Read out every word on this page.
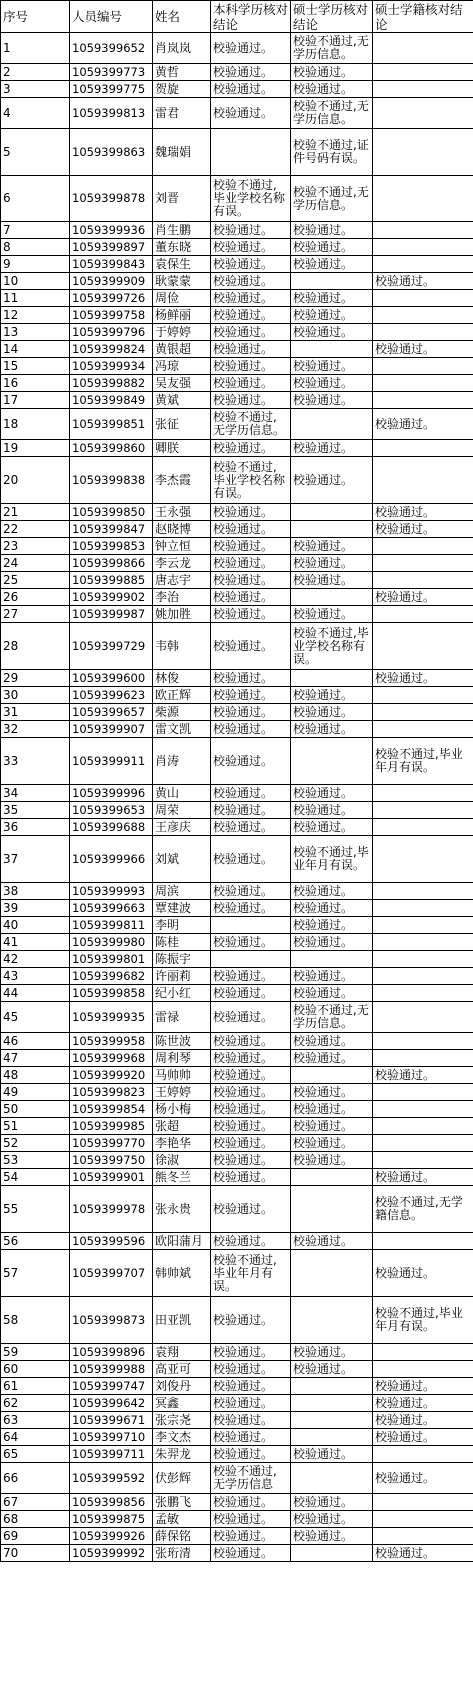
序号	人员编号	姓名	本科学历核对结论	硕士学历核对结论	硕士学籍核对结论
1	1059399652	肖岚岚	校验通过。	校验不通过,无学历信息。	
2	1059399773	黄哲	校验通过。	校验通过。	
3	1059399775	贺旋	校验通过。	校验通过。	
4	1059399813	雷君	校验通过。	校验不通过,无学历信息。	
5	1059399863	魏瑞娟		校验不通过,证件号码有误。	
6	1059399878	刘晋	校验不通过,毕业学校名称有误。	校验不通过,无学历信息。	
7	1059399936	肖生鹏	校验通过。	校验通过。	
8	1059399897	董东晓	校验通过。	校验通过。	
9	1059399843	袁保生	校验通过。	校验通过。	
10	1059399909	耿蒙蒙	校验通过。		校验通过。
11	1059399726	周俭	校验通过。	校验通过。	
12	1059399758	杨鲜丽	校验通过。	校验通过。	
13	1059399796	于婷婷	校验通过。	校验通过。	
14	1059399824	黄银超	校验通过。		校验通过。
15	1059399934	冯琼	校验通过。	校验通过。	
16	1059399882	吴友强	校验通过。	校验通过。	
17	1059399849	黄斌	校验通过。	校验通过。	
18	1059399851	张征	校验不通过,无学历信息。		校验通过。
19	1059399860	卿朕	校验通过。	校验通过。	
20	1059399838	李杰霞	校验不通过,毕业学校名称有误。	校验通过。	
21	1059399850	王永强	校验通过。		校验通过。
22	1059399847	赵晓博	校验通过。		校验通过。
23	1059399853	钟立恒	校验通过。	校验通过。	
24	1059399866	李云龙	校验通过。	校验通过。	
25	1059399885	唐志宇	校验通过。	校验通过。	
26	1059399902	李治	校验通过。		校验通过。
27	1059399987	姚加胜	校验通过。	校验通过。	
28	1059399729	韦韩	校验通过。	校验不通过,毕业学校名称有误。	
29	1059399600	林俊	校验通过。		校验通过。
30	1059399623	欧正辉	校验通过。	校验通过。	
31	1059399657	柴源	校验通过。	校验通过。	
32	1059399907	雷文凯	校验通过。	校验通过。	
33	1059399911	肖涛	校验通过。		校验不通过,毕业年月有误。
34	1059399996	黄山	校验通过。	校验通过。	
35	1059399653	周荣	校验通过。	校验通过。	
36	1059399688	王彦庆	校验通过。	校验通过。	
37	1059399966	刘斌	校验通过。	校验不通过,毕业年月有误。	
38	1059399993	周滨	校验通过。	校验通过。	
39	1059399663	覃建波	校验通过。	校验通过。	
40	1059399811	李明		校验通过。	
41	1059399980	陈桂	校验通过。	校验通过。	
42	1059399801	陈振宇			
43	1059399682	许丽莉	校验通过。	校验通过。	
44	1059399858	纪小红	校验通过。	校验通过。	
45	1059399935	雷禄	校验通过。	校验不通过,无学历信息。	
46	1059399958	陈世波	校验通过。	校验通过。	
47	1059399968	周利琴	校验通过。	校验通过。	
48	1059399920	马帅帅	校验通过。		校验通过。
49	1059399823	王婷婷	校验通过。	校验通过。	
50	1059399854	杨小梅	校验通过。	校验通过。	
51	1059399985	张超	校验通过。	校验通过。	
52	1059399770	李艳华	校验通过。	校验通过。	
53	1059399750	徐淑	校验通过。	校验通过。	
54	1059399901	熊冬兰	校验通过。		校验通过。
55	1059399978	张永贵	校验通过。		校验不通过,无学籍信息。
56	1059399596	欧阳蒲月	校验通过。	校验通过。	
57	1059399707	韩帅斌	校验不通过,毕业年月有误。		校验通过。
58	1059399873	田亚凯	校验通过。		校验不通过,毕业年月有误。
59	1059399896	袁翔	校验通过。	校验通过。	
60	1059399988	高亚可	校验通过。	校验通过。	
61	1059399747	刘俊丹	校验通过。		校验通过。
62	1059399642	冥鑫	校验通过。		校验通过。
63	1059399671	张宗尧	校验通过。		校验通过。
64	1059399710	李文杰	校验通过。		校验通过。
65	1059399711	朱羿龙	校验通过。	校验通过。	
66	1059399592	伏彭辉	校验不通过,无学历信息		校验通过。
67	1059399856	张鹏飞	校验通过。	校验通过。	
68	1059399875	孟敏	校验通过。	校验通过。	
69	1059399926	薛保铭	校验通过。	校验通过。	
70	1059399992	张珩清	校验通过。		校验通过。
